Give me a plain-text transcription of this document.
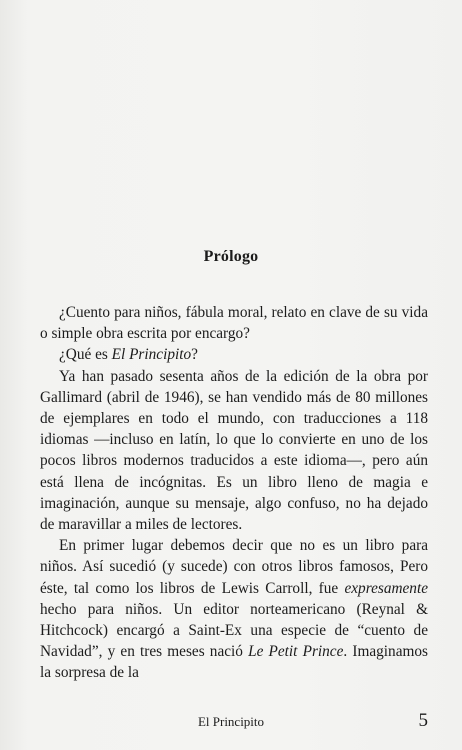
Prólogo

¿Cuento para niños, fábula moral, relato en clave de su vida o simple obra escrita por encargo?

¿Qué es El Principito?

Ya han pasado sesenta años de la edición de la obra por Gallimard (abril de 1946), se han vendido más de 80 millones de ejemplares en todo el mundo, con traducciones a 118 idiomas —incluso en latín, lo que lo convierte en uno de los pocos libros modernos traducidos a este idioma—, pero aún está llena de incógnitas. Es un libro lleno de magia e imaginación, aunque su mensaje, algo confuso, no ha dejado de maravillar a miles de lectores.

En primer lugar debemos decir que no es un libro para niños. Así sucedió (y sucede) con otros libros famosos, Pero éste, tal como los libros de Lewis Carroll, fue expresamente hecho para niños. Un editor norteamericano (Reynal & Hitchcock) encargó a Saint-Ex una especie de “cuento de Navidad”, y en tres meses nació Le Petit Prince. Imaginamos la sorpresa de la

El Principito	5
